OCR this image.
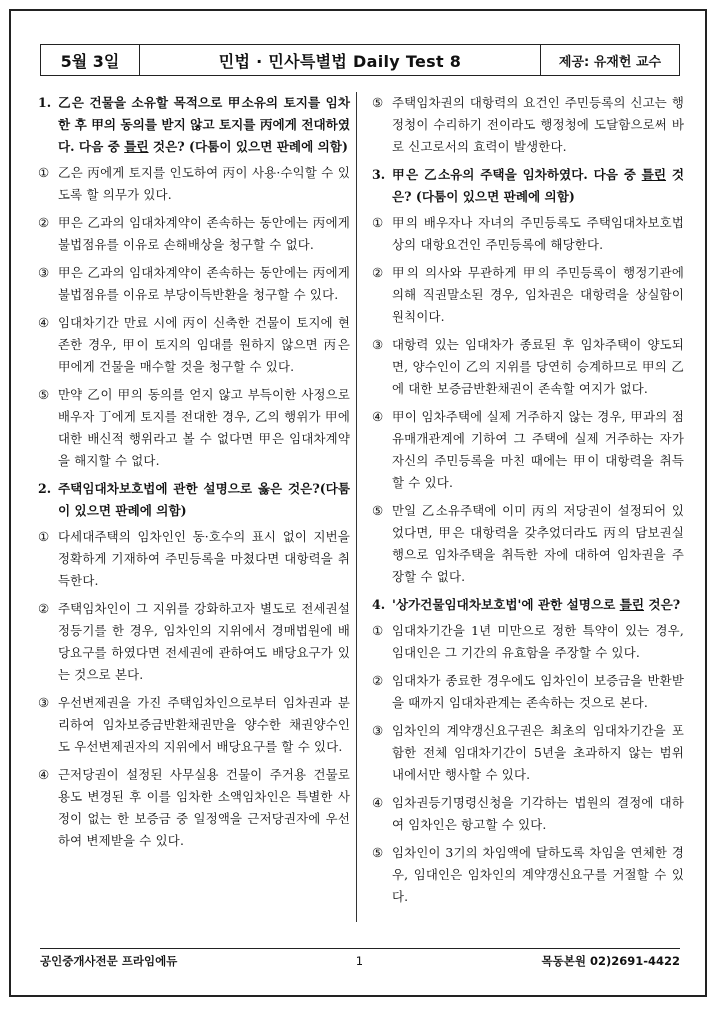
5월 3일	민법 · 민사특별법 Daily Test 8	제공: 유재헌 교수
1. 乙은 건물을 소유할 목적으로 甲소유의 토지를 임차한 후 甲의 동의를 받지 않고 토지를 丙에게 전대하였다. 다음 중 틀린 것은? (다툼이 있으면 판례에 의함)
① 乙은 丙에게 토지를 인도하여 丙이 사용·수익할 수 있도록 할 의무가 있다.
② 甲은 乙과의 임대차계약이 존속하는 동안에는 丙에게 불법점유를 이유로 손해배상을 청구할 수 없다.
③ 甲은 乙과의 임대차계약이 존속하는 동안에는 丙에게 불법점유를 이유로 부당이득반환을 청구할 수 있다.
④ 임대차기간 만료 시에 丙이 신축한 건물이 토지에 현존한 경우, 甲이 토지의 임대를 원하지 않으면 丙은 甲에게 건물을 매수할 것을 청구할 수 있다.
⑤ 만약 乙이 甲의 동의를 얻지 않고 부득이한 사정으로 배우자 丁에게 토지를 전대한 경우, 乙의 행위가 甲에 대한 배신적 행위라고 볼 수 없다면 甲은 임대차계약을 해지할 수 없다.
2. 주택임대차보호법에 관한 설명으로 옳은 것은?(다툼이 있으면 판례에 의함)
① 다세대주택의 임차인인 동·호수의 표시 없이 지번을 정확하게 기재하여 주민등록을 마쳤다면 대항력을 취득한다.
② 주택임차인이 그 지위를 강화하고자 별도로 전세권설정등기를 한 경우, 임차인의 지위에서 경매법원에 배당요구를 하였다면 전세권에 관하여도 배당요구가 있는 것으로 본다.
③ 우선변제권을 가진 주택임차인으로부터 임차권과 분리하여 임차보증금반환채권만을 양수한 채권양수인도 우선변제권자의 지위에서 배당요구를 할 수 있다.
④ 근저당권이 설정된 사무실용 건물이 주거용 건물로 용도 변경된 후 이를 임차한 소액임차인은 특별한 사정이 없는 한 보증금 중 일정액을 근저당권자에 우선하여 변제받을 수 있다.
⑤ 주택임차권의 대항력의 요건인 주민등록의 신고는 행정청이 수리하기 전이라도 행정청에 도달함으로써 바로 신고로서의 효력이 발생한다.
3. 甲은 乙소유의 주택을 임차하였다. 다음 중 틀린 것은? (다툼이 있으면 판례에 의함)
① 甲의 배우자나 자녀의 주민등록도 주택임대차보호법상의 대항요건인 주민등록에 해당한다.
② 甲의 의사와 무관하게 甲의 주민등록이 행정기관에 의해 직권말소된 경우, 임차권은 대항력을 상실함이 원칙이다.
③ 대항력 있는 임대차가 종료된 후 임차주택이 양도되면, 양수인이 乙의 지위를 당연히 승계하므로 甲의 乙에 대한 보증금반환채권이 존속할 여지가 없다.
④ 甲이 임차주택에 실제 거주하지 않는 경우, 甲과의 점유매개관계에 기하여 그 주택에 실제 거주하는 자가 자신의 주민등록을 마친 때에는 甲이 대항력을 취득할 수 있다.
⑤ 만일 乙소유주택에 이미 丙의 저당권이 설정되어 있었다면, 甲은 대항력을 갖추었더라도 丙의 담보권실행으로 임차주택을 취득한 자에 대하여 임차권을 주장할 수 없다.
4. '상가건물임대차보호법'에 관한 설명으로 틀린 것은?
① 임대차기간을 1년 미만으로 정한 특약이 있는 경우, 임대인은 그 기간의 유효함을 주장할 수 있다.
② 임대차가 종료한 경우에도 임차인이 보증금을 반환받을 때까지 임대차관계는 존속하는 것으로 본다.
③ 임차인의 계약갱신요구권은 최초의 임대차기간을 포함한 전체 임대차기간이 5년을 초과하지 않는 범위 내에서만 행사할 수 있다.
④ 임차권등기명령신청을 기각하는 법원의 결정에 대하여 임차인은 항고할 수 있다.
⑤ 임차인이 3기의 차임액에 달하도록 차임을 연체한 경우, 임대인은 임차인의 계약갱신요구를 거절할 수 있다.
공인중개사전문 프라임에듀	1	목동본원 02)2691-4422
